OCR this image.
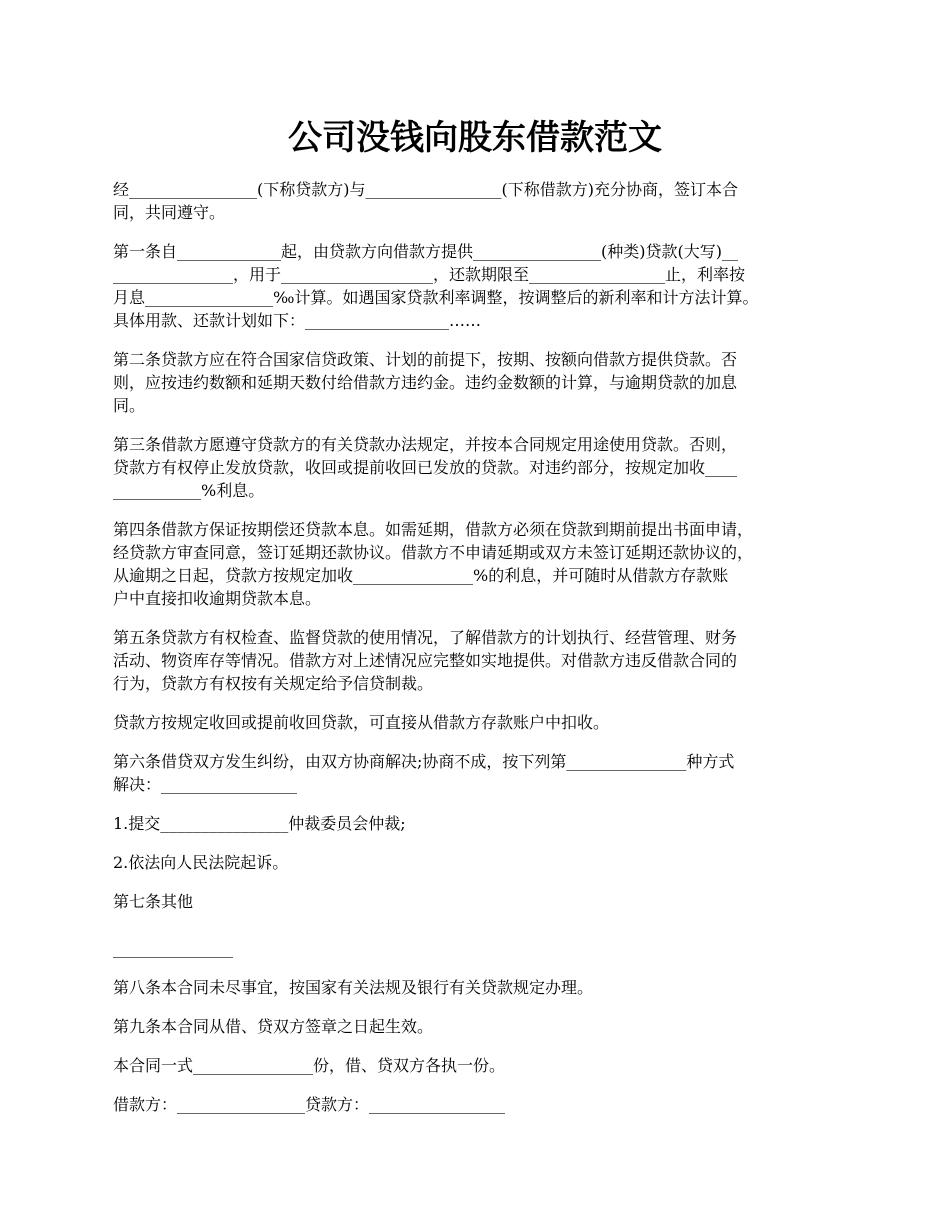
公司没钱向股东借款范文

经________________(下称贷款方)与_________________(下称借款方)充分协商，签订本合
同，共同遵守。

第一条自_____________起，由贷款方向借款方提供________________(种类)贷款(大写)__
_______________，用于___________________，还款期限至_________________止，利率按
月息________________‰计算。如遇国家贷款利率调整，按调整后的新利率和计方法计算。
具体用款、还款计划如下：__________________……

第二条贷款方应在符合国家信贷政策、计划的前提下，按期、按额向借款方提供贷款。否
则，应按违约数额和延期天数付给借款方违约金。违约金数额的计算，与逾期贷款的加息
同。

第三条借款方愿遵守贷款方的有关贷款办法规定，并按本合同规定用途使用贷款。否则，
贷款方有权停止发放贷款，收回或提前收回已发放的贷款。对违约部分，按规定加收____
___________%利息。

第四条借款方保证按期偿还贷款本息。如需延期，借款方必须在贷款到期前提出书面申请，
经贷款方审查同意，签订延期还款协议。借款方不申请延期或双方未签订延期还款协议的，
从逾期之日起，贷款方按规定加收_______________%的利息，并可随时从借款方存款账
户中直接扣收逾期贷款本息。

第五条贷款方有权检查、监督贷款的使用情况，了解借款方的计划执行、经营管理、财务
活动、物资库存等情况。借款方对上述情况应完整如实地提供。对借款方违反借款合同的
行为，贷款方有权按有关规定给予信贷制裁。

贷款方按规定收回或提前收回贷款，可直接从借款方存款账户中扣收。

第六条借贷双方发生纠纷，由双方协商解决;协商不成，按下列第_______________种方式
解决：_________________

1.提交________________仲裁委员会仲裁;

2.依法向人民法院起诉。

第七条其他

_______________

第八条本合同未尽事宜，按国家有关法规及银行有关贷款规定办理。

第九条本合同从借、贷双方签章之日起生效。

本合同一式_______________份，借、贷双方各执一份。

借款方：________________贷款方：_________________
